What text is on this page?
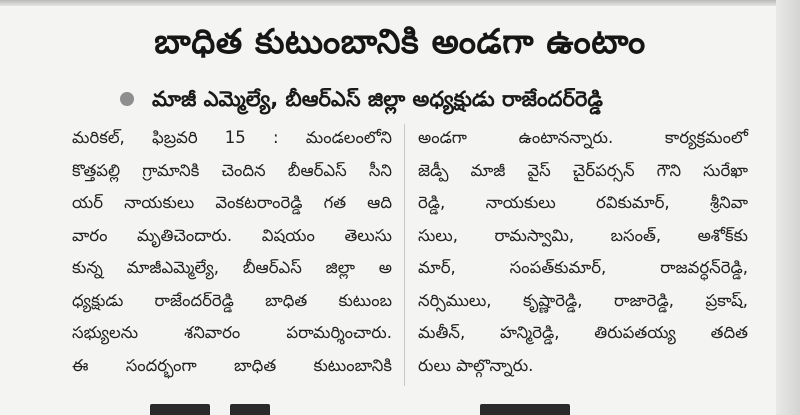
బాధిత కుటుంబానికి అండగా ఉంటాం
మాజీ ఎమ్మెల్యే, బీఆర్ఎస్ జిల్లా అధ్యక్షుడు రాజేందర్‌రెడ్డి
మరికల్, ఫిబ్రవరి 15 : మండలంలోని
కొత్తపల్లి గ్రామానికి చెందిన బీఆర్ఎస్ సీని
యర్ నాయకులు వెంకటరాంరెడ్డి గత ఆది
వారం మృతిచెందారు. విషయం తెలుసు
కున్న మాజీఎమ్మెల్యే, బీఆర్ఎస్ జిల్లా అ
ధ్యక్షుడు రాజేందర్‌రెడ్డి బాధిత కుటుంబ
సభ్యులను శనివారం పరామర్శించారు.
ఈ సందర్భంగా బాధిత కుటుంబానికి
అండగా ఉంటానన్నారు. కార్యక్రమంలో
జెడ్పీ మాజీ వైస్ చైర్‌పర్సన్ గౌని సురేఖా
రెడ్డి, నాయకులు రవికుమార్, శ్రీనివా
సులు, రామస్వామి, బసంత్, అశోక్‌కు
మార్, సంపత్‌కుమార్, రాజవర్ధన్‌రెడ్డి,
నర్సిములు, కృష్ణారెడ్డి, రాజారెడ్డి, ప్రకాష్,
మతీన్, హన్మిరెడ్డి, తిరుపతయ్య తదిత
రులు పాల్గొన్నారు.
